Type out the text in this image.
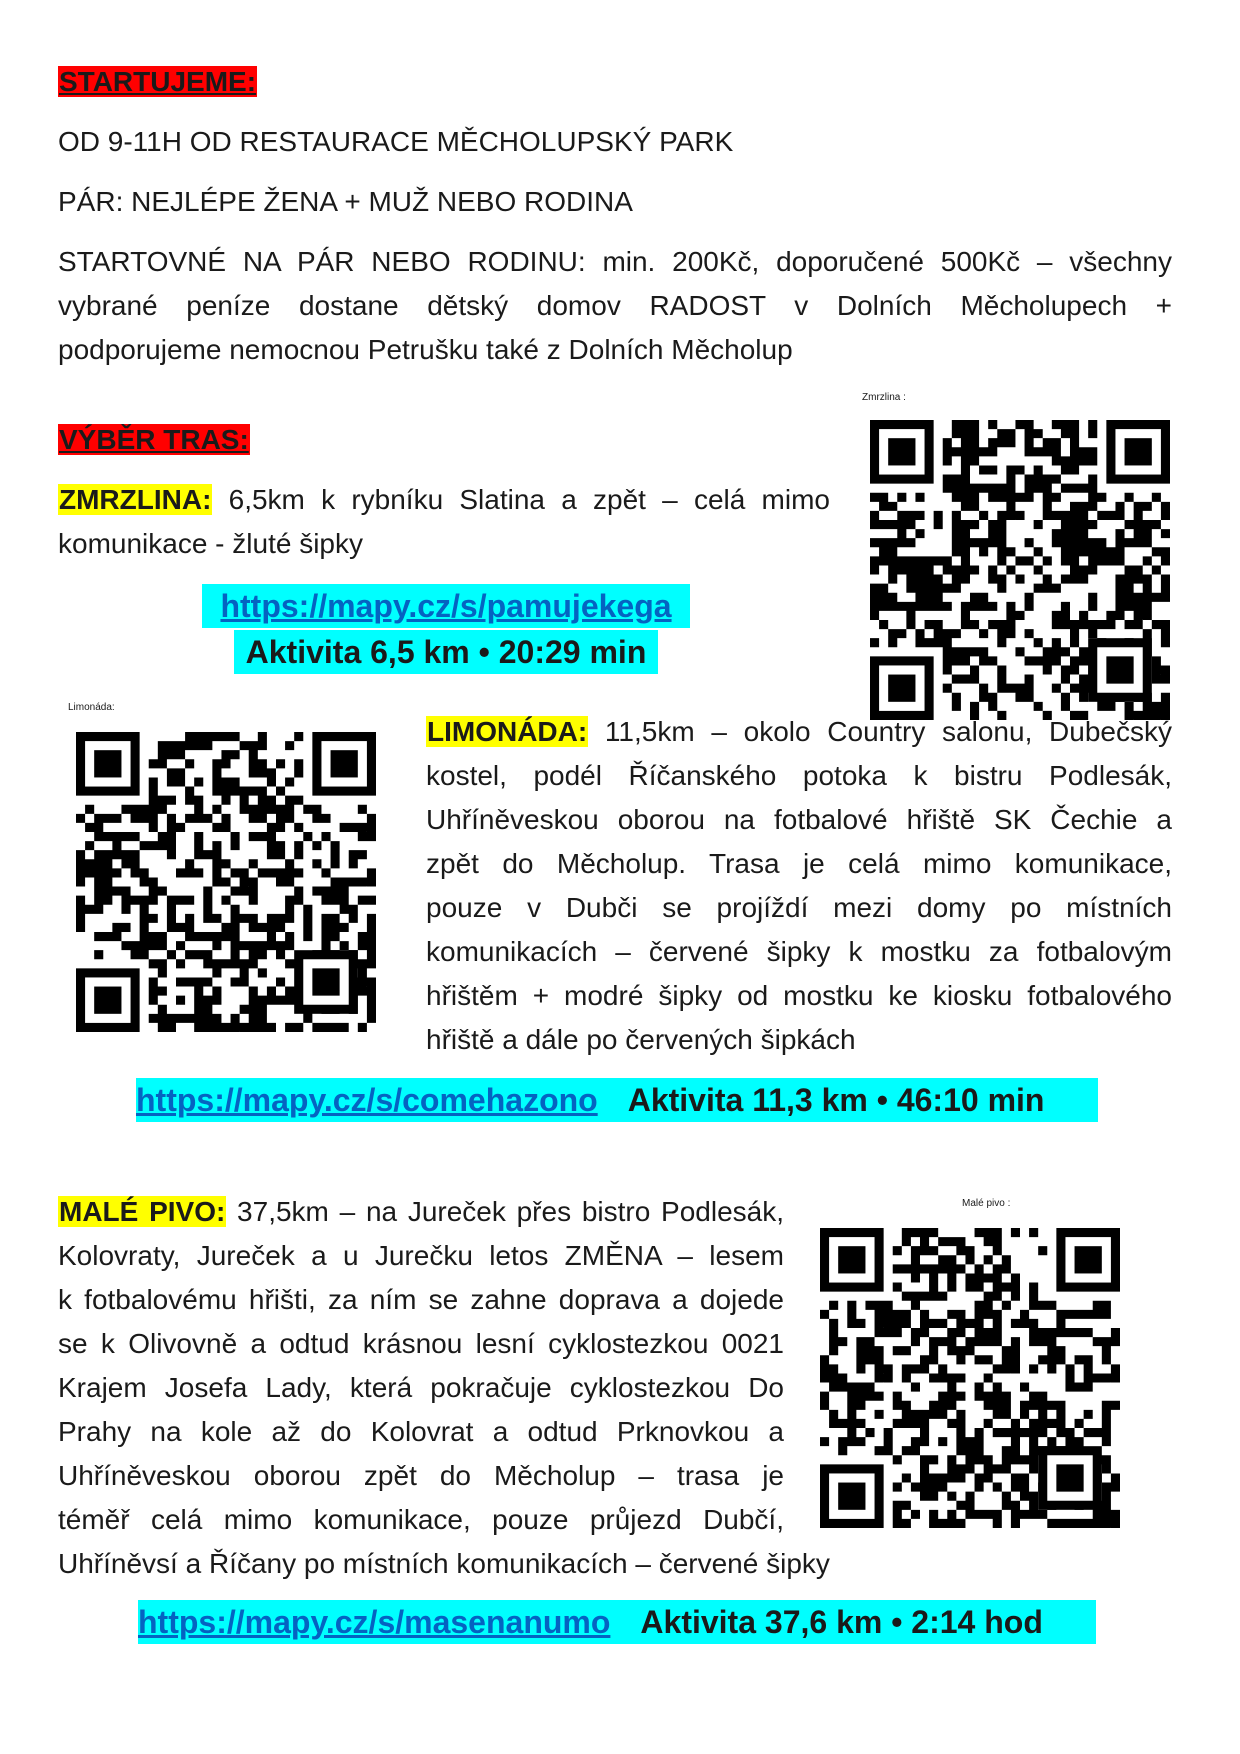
STARTUJEME:

OD 9-11H OD RESTAURACE MĚCHOLUPSKÝ PARK

PÁR: NEJLÉPE ŽENA + MUŽ NEBO RODINA

STARTOVNÉ NA PÁR NEBO RODINU: min. 200Kč, doporučené 500Kč – všechny

vybrané peníze dostane dětský domov RADOST v Dolních Měcholupech +

podporujeme nemocnou Petrušku také z Dolních Měcholup

VÝBĚR TRAS:

ZMRZLINA: 6,5km k rybníku Slatina a zpět – celá mimo

komunikace - žluté šipky

https://mapy.cz/s/pamujekega
Aktivita 6,5 km • 20:29 min
Zmrzlina :
Limonáda:

LIMONÁDA: 11,5km – okolo Country salonu, Dubečský

kostel, podél Říčanského potoka k bistru Podlesák,

Uhříněveskou oborou na fotbalové hřiště SK Čechie a

zpět do Měcholup. Trasa je celá mimo komunikace,

pouze v Dubči se projíždí mezi domy po místních

komunikacích – červené šipky k mostku za fotbalovým

hřištěm + modré šipky od mostku ke kiosku fotbalového

hřiště a dále po červených šipkách

https://mapy.cz/s/comehazono Aktivita 11,3 km • 46:10 min

MALÉ PIVO: 37,5km – na Jureček přes bistro Podlesák,

Kolovraty, Jureček a u Jurečku letos ZMĚNA – lesem

k fotbalovému hřišti, za ním se zahne doprava a dojede

se k Olivovně a odtud krásnou lesní cyklostezkou 0021

Krajem Josefa Lady, která pokračuje cyklostezkou Do

Prahy na kole až do Kolovrat a odtud Prknovkou a

Uhříněveskou oborou zpět do Měcholup – trasa je

téměř celá mimo komunikace, pouze průjezd Dubčí,

Uhříněvsí a Říčany po místních komunikacích – červené šipky

Malé pivo :
https://mapy.cz/s/masenanumo Aktivita 37,6 km • 2:14 hod
